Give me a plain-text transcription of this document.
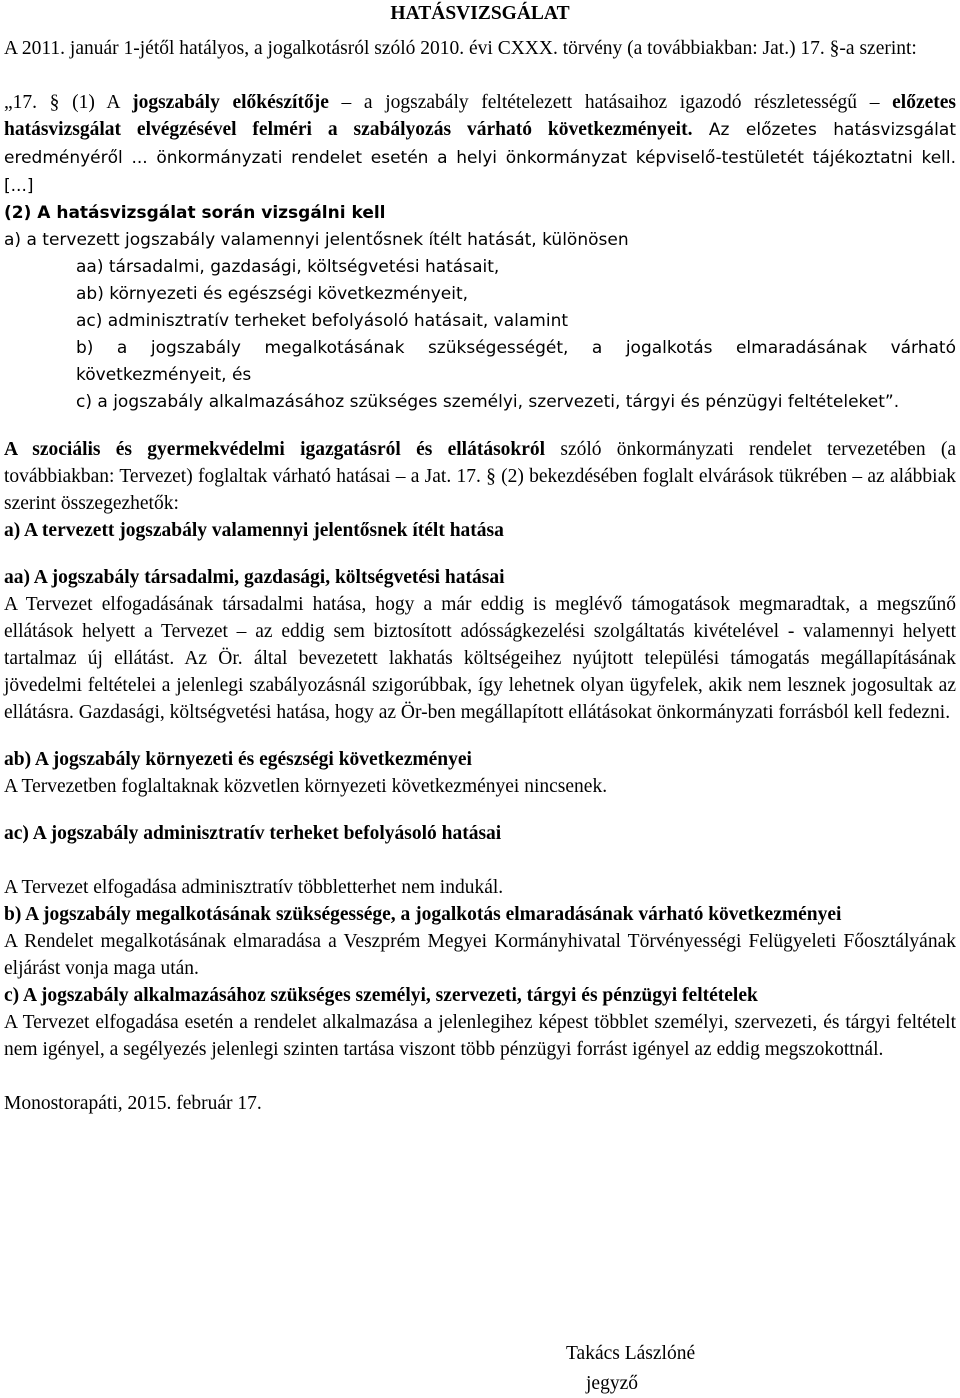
HATÁSVIZSGÁLAT

A 2011. január 1-jétől hatályos, a jogalkotásról szóló 2010. évi CXXX. törvény (a továbbiakban: Jat.) 17. §-a szerint:

„17. § (1) A jogszabály előkészítője – a jogszabály feltételezett hatásaihoz igazodó részletességű – előzetes hatásvizsgálat elvégzésével felméri a szabályozás várható következményeit. Az előzetes hatásvizsgálat eredményéről ... önkormányzati rendelet esetén a helyi önkormányzat képviselő-testületét tájékoztatni kell. [...]

(2) A hatásvizsgálat során vizsgálni kell

a) a tervezett jogszabály valamennyi jelentősnek ítélt hatását, különösen

aa) társadalmi, gazdasági, költségvetési hatásait,

ab) környezeti és egészségi következményeit,

ac) adminisztratív terheket befolyásoló hatásait, valamint

b) a jogszabály megalkotásának szükségességét, a jogalkotás elmaradásának várható következményeit, és

c) a jogszabály alkalmazásához szükséges személyi, szervezeti, tárgyi és pénzügyi feltételeket”.

A szociális és gyermekvédelmi igazgatásról és ellátásokról szóló önkormányzati rendelet tervezetében (a továbbiakban: Tervezet) foglaltak várható hatásai – a Jat. 17. § (2) bekezdésében foglalt elvárások tükrében – az alábbiak szerint összegezhetők:

a) A tervezett jogszabály valamennyi jelentősnek ítélt hatása

aa) A jogszabály társadalmi, gazdasági, költségvetési hatásai

A Tervezet elfogadásának társadalmi hatása, hogy a már eddig is meglévő támogatások megmaradtak, a megszűnő ellátások helyett a Tervezet – az eddig sem biztosított adósságkezelési szolgáltatás kivételével - valamennyi helyett tartalmaz új ellátást. Az Ör. által bevezetett lakhatás költségeihez nyújtott települési támogatás megállapításának jövedelmi feltételei a jelenlegi szabályozásnál szigorúbbak, így lehetnek olyan ügyfelek, akik nem lesznek jogosultak az ellátásra. Gazdasági, költségvetési hatása, hogy az Ör-ben megállapított ellátásokat önkormányzati forrásból kell fedezni.

ab) A jogszabály környezeti és egészségi következményei

A Tervezetben foglaltaknak közvetlen környezeti következményei nincsenek.

ac) A jogszabály adminisztratív terheket befolyásoló hatásai

A Tervezet elfogadása adminisztratív többletterhet nem indukál.

b) A jogszabály megalkotásának szükségessége, a jogalkotás elmaradásának várható következményei

A Rendelet megalkotásának elmaradása a Veszprém Megyei Kormányhivatal Törvényességi Felügyeleti Főosztályának eljárást vonja maga után.

c) A jogszabály alkalmazásához szükséges személyi, szervezeti, tárgyi és pénzügyi feltételek

A Tervezet elfogadása esetén a rendelet alkalmazása a jelenlegihez képest többlet személyi, szervezeti, és tárgyi feltételt nem igényel, a segélyezés jelenlegi szinten tartása viszont több pénzügyi forrást igényel az eddig megszokottnál.

Monostorapáti, 2015. február 17.

Takács Lászlóné
jegyző
